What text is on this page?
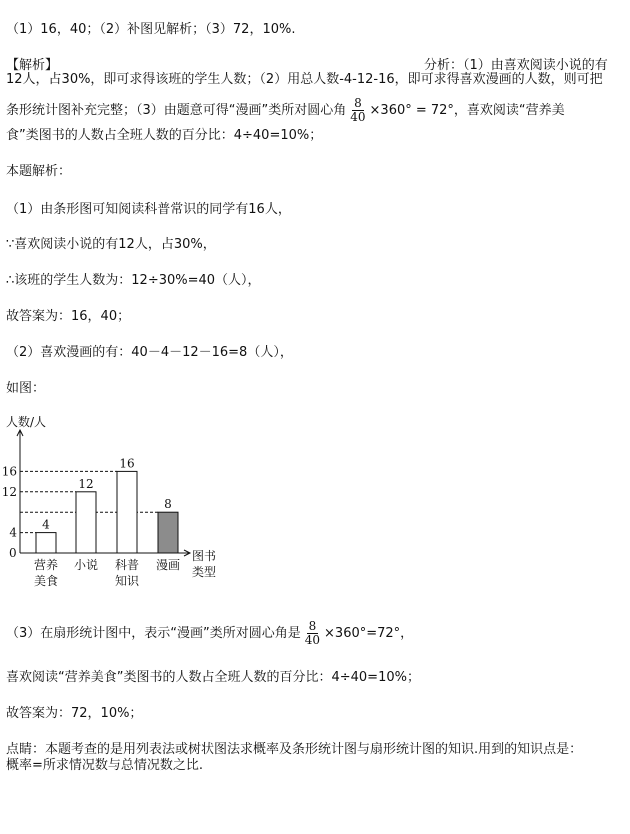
（1）16，40；（2）补图见解析；（3）72，10%.
【解析】	分析：（1）由喜欢阅读小说的有
12人，占30%，即可求得该班的学生人数；（2）用总人数-4-12-16，即可求得喜欢漫画的人数，则可把
条形统计图补充完整；（3）由题意可得“漫画”类所对圆心角 $\frac{8}{40} \times 360^\circ = 72^\circ$，喜欢阅读“营养美
食”类图书的人数占全班人数的百分比：4÷40=10%；
本题解析：
（1）由条形图可知阅读科普常识的同学有16人，
∵喜欢阅读小说的有12人，占30%，
∴该班的学生人数为：12÷30%=40（人），
故答案为：16，40；
（2）喜欢漫画的有：40－4－12－16=8（人），
如图：
人数/人
图书
类型
0
4
12
16
4
营养
美食
12
小说
16
科普
知识
8
漫画
（3）在扇形统计图中，表示“漫画”类所对圆心角是 $\frac{8}{40} \times 360^\circ=72^\circ$，
喜欢阅读“营养美食”类图书的人数占全班人数的百分比：4÷40=10%；
故答案为：72，10%；
点睛：本题考查的是用列表法或树状图法求概率及条形统计图与扇形统计图的知识.用到的知识点是：
概率=所求情况数与总情况数之比.
